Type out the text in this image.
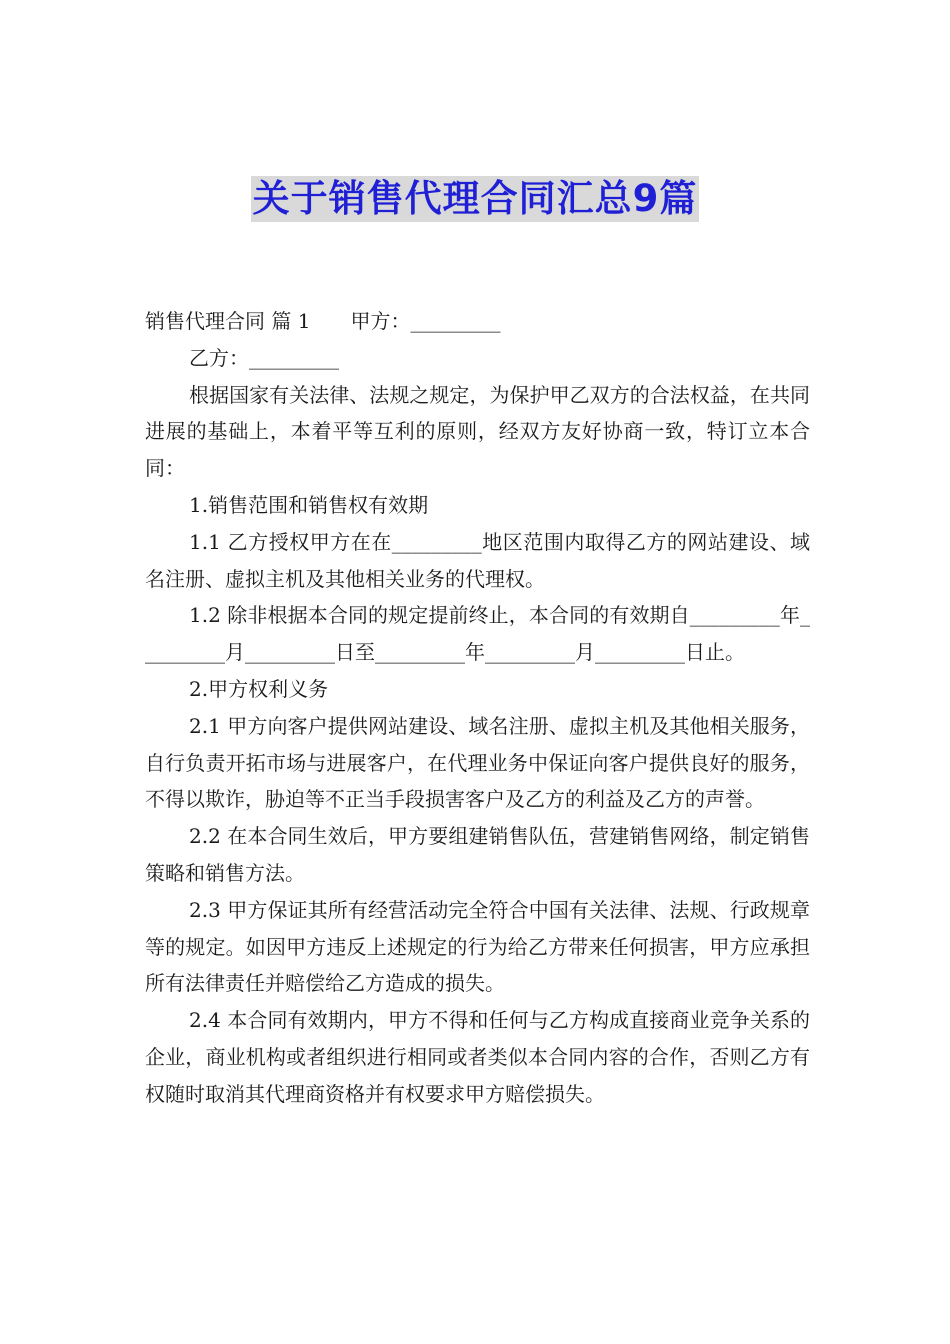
关于销售代理合同汇总9篇

销售代理合同 篇 1 甲方：_________

乙方：_________

根据国家有关法律、法规之规定，为保护甲乙双方的合法权益，在共同进展的基础上，本着平等互利的原则，经双方友好协商一致，特订立本合同：

1.销售范围和销售权有效期

1.1 乙方授权甲方在在_________地区范围内取得乙方的网站建设、域名注册、虚拟主机及其他相关业务的代理权。

1.2 除非根据本合同的规定提前终止，本合同的有效期自_________年_________月_________日至_________年_________月_________日止。

2.甲方权利义务

2.1 甲方向客户提供网站建设、域名注册、虚拟主机及其他相关服务，自行负责开拓市场与进展客户，在代理业务中保证向客户提供良好的服务，不得以欺诈，胁迫等不正当手段损害客户及乙方的利益及乙方的声誉。

2.2 在本合同生效后，甲方要组建销售队伍，营建销售网络，制定销售策略和销售方法。

2.3 甲方保证其所有经营活动完全符合中国有关法律、法规、行政规章等的规定。如因甲方违反上述规定的行为给乙方带来任何损害，甲方应承担所有法律责任并赔偿给乙方造成的损失。

2.4 本合同有效期内，甲方不得和任何与乙方构成直接商业竞争关系的企业，商业机构或者组织进行相同或者类似本合同内容的合作，否则乙方有权随时取消其代理商资格并有权要求甲方赔偿损失。
